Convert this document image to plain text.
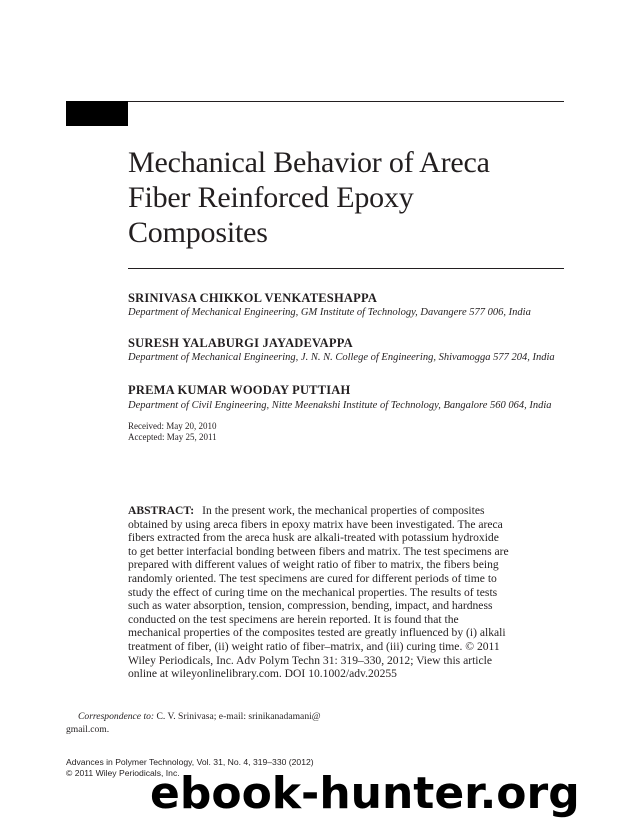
Mechanical Behavior of Areca
Fiber Reinforced Epoxy
Composites
SRINIVASA CHIKKOL VENKATESHAPPA
Department of Mechanical Engineering, GM Institute of Technology, Davangere 577 006, India
SURESH YALABURGI JAYADEVAPPA
Department of Mechanical Engineering, J. N. N. College of Engineering, Shivamogga 577 204, India
PREMA KUMAR WOODAY PUTTIAH
Department of Civil Engineering, Nitte Meenakshi Institute of Technology, Bangalore 560 064, India
Received: May 20, 2010
Accepted: May 25, 2011
ABSTRACT: In the present work, the mechanical properties of composites
obtained by using areca fibers in epoxy matrix have been investigated. The areca
fibers extracted from the areca husk are alkali-treated with potassium hydroxide
to get better interfacial bonding between fibers and matrix. The test specimens are
prepared with different values of weight ratio of fiber to matrix, the fibers being
randomly oriented. The test specimens are cured for different periods of time to
study the effect of curing time on the mechanical properties. The results of tests
such as water absorption, tension, compression, bending, impact, and hardness
conducted on the test specimens are herein reported. It is found that the
mechanical properties of the composites tested are greatly influenced by (i) alkali
treatment of fiber, (ii) weight ratio of fiber–matrix, and (iii) curing time. © 2011
Wiley Periodicals, Inc. Adv Polym Techn 31: 319–330, 2012; View this article
online at wileyonlinelibrary.com. DOI 10.1002/adv.20255
Correspondence to: C. V. Srinivasa; e-mail: srinikanadamani@
gmail.com.
Advances in Polymer Technology, Vol. 31, No. 4, 319–330 (2012)
© 2011 Wiley Periodicals, Inc.
ebook-hunter.org
